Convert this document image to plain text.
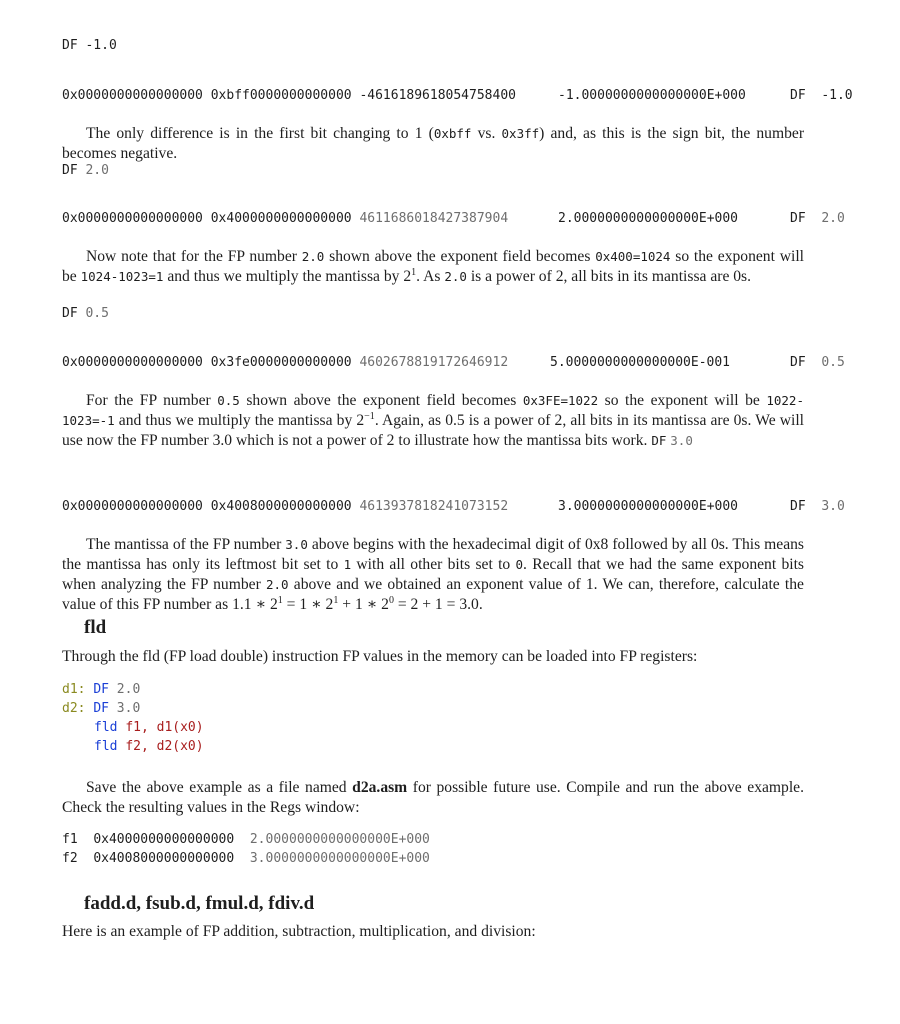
DF -1.0
0x0000000000000000 0xbff0000000000000 -4616189618054758400	-1.0000000000000000E+000	DF -1.0
The only difference is in the first bit changing to 1 (0xbff vs. 0x3ff) and, as this is the sign bit, the number becomes negative.
DF 2.0
0x0000000000000000 0x4000000000000000 4611686018427387904	2.0000000000000000E+000	DF 2.0
Now note that for the FP number 2.0 shown above the exponent field becomes 0x400=1024 so the exponent will be 1024-1023=1 and thus we multiply the mantissa by $2^1$. As 2.0 is a power of 2, all bits in its mantissa are 0s.
DF 0.5
0x0000000000000000 0x3fe0000000000000 4602678819172646912	5.0000000000000000E-001	DF 0.5
For the FP number 0.5 shown above the exponent field becomes 0x3FE=1022 so the exponent will be 1022-1023=-1 and thus we multiply the mantissa by $2^{-1}$. Again, as 0.5 is a power of 2, all bits in its mantissa are 0s. We will use now the FP number 3.0 which is not a power of 2 to illustrate how the mantissa bits work. DF 3.0
0x0000000000000000 0x4008000000000000 4613937818241073152	3.0000000000000000E+000	DF 3.0
The mantissa of the FP number 3.0 above begins with the hexadecimal digit of 0x8 followed by all 0s. This means the mantissa has only its leftmost bit set to 1 with all other bits set to 0. Recall that we had the same exponent bits when analyzing the FP number 2.0 above and we obtained an exponent value of 1. We can, therefore, calculate the value of this FP number as 1.1 ∗ $2^1 = 1$ ∗ $2^1 + 1$ ∗ $2^0 = 2 + 1 = 3.0$.
fld
Through the fld (FP load double) instruction FP values in the memory can be loaded into FP registers:
d1: DF 2.0
d2: DF 3.0
fld f1, d1(x0)
fld f2, d2(x0)
Save the above example as a file named d2a.asm for possible future use. Compile and run the above example. Check the resulting values in the Regs window:
f1 0x4000000000000000 2.0000000000000000E+000
f2 0x4008000000000000 3.0000000000000000E+000
fadd.d, fsub.d, fmul.d, fdiv.d
Here is an example of FP addition, subtraction, multiplication, and division:
